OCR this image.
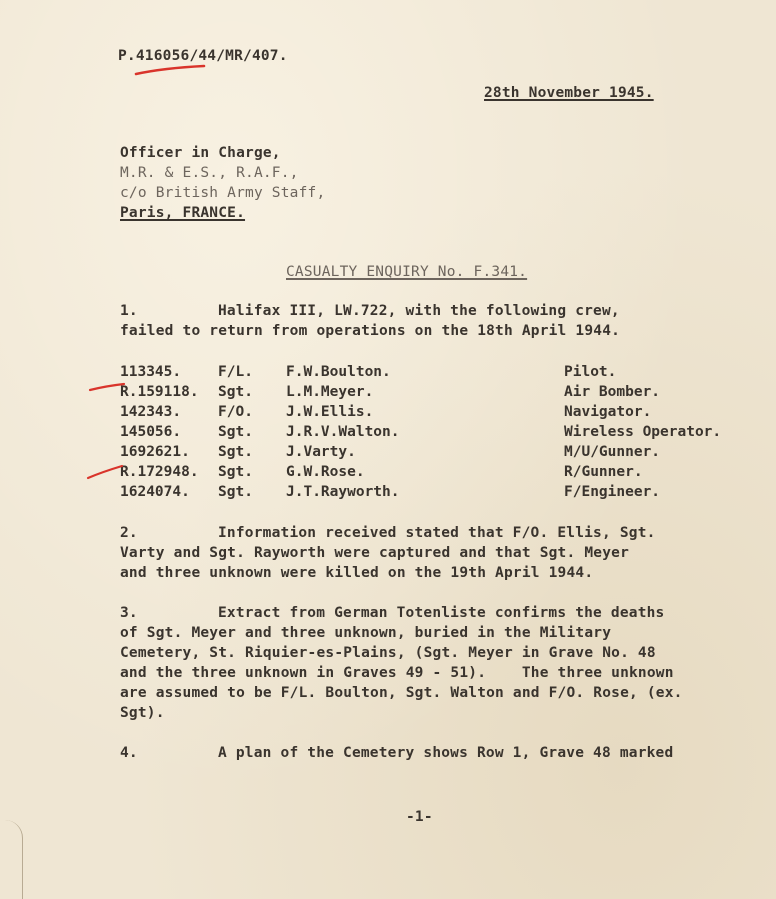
P.416056/44/MR/407.
28th November 1945.
Officer in Charge,
M.R. & E.S., R.A.F.,
c/o British Army Staff,
Paris, FRANCE.
CASUALTY ENQUIRY No. F.341.
1.	Halifax III, LW.722, with the following crew,
failed to return from operations on the 18th April 1944.
113345.	F/L. F.W.Boulton.	Pilot.
R.159118. Sgt. L.M.Meyer.	Air Bomber.
142343.	F/O. J.W.Ellis.	Navigator.
145056.	Sgt. J.R.V.Walton.	Wireless Operator.
1692621. Sgt. J.Varty.	M/U/Gunner.
R.172948. Sgt. G.W.Rose.	R/Gunner.
1624074. Sgt. J.T.Rayworth.	F/Engineer.
2.	Information received stated that F/O. Ellis, Sgt.
Varty and Sgt. Rayworth were captured and that Sgt. Meyer
and three unknown were killed on the 19th April 1944.
3.	Extract from German Totenliste confirms the deaths
of Sgt. Meyer and three unknown, buried in the Military
Cemetery, St. Riquier-es-Plains, (Sgt. Meyer in Grave No. 48
and the three unknown in Graves 49 - 51).    The three unknown
are assumed to be F/L. Boulton, Sgt. Walton and F/O. Rose, (ex.
Sgt).
4.	A plan of the Cemetery shows Row 1, Grave 48 marked
-1-
